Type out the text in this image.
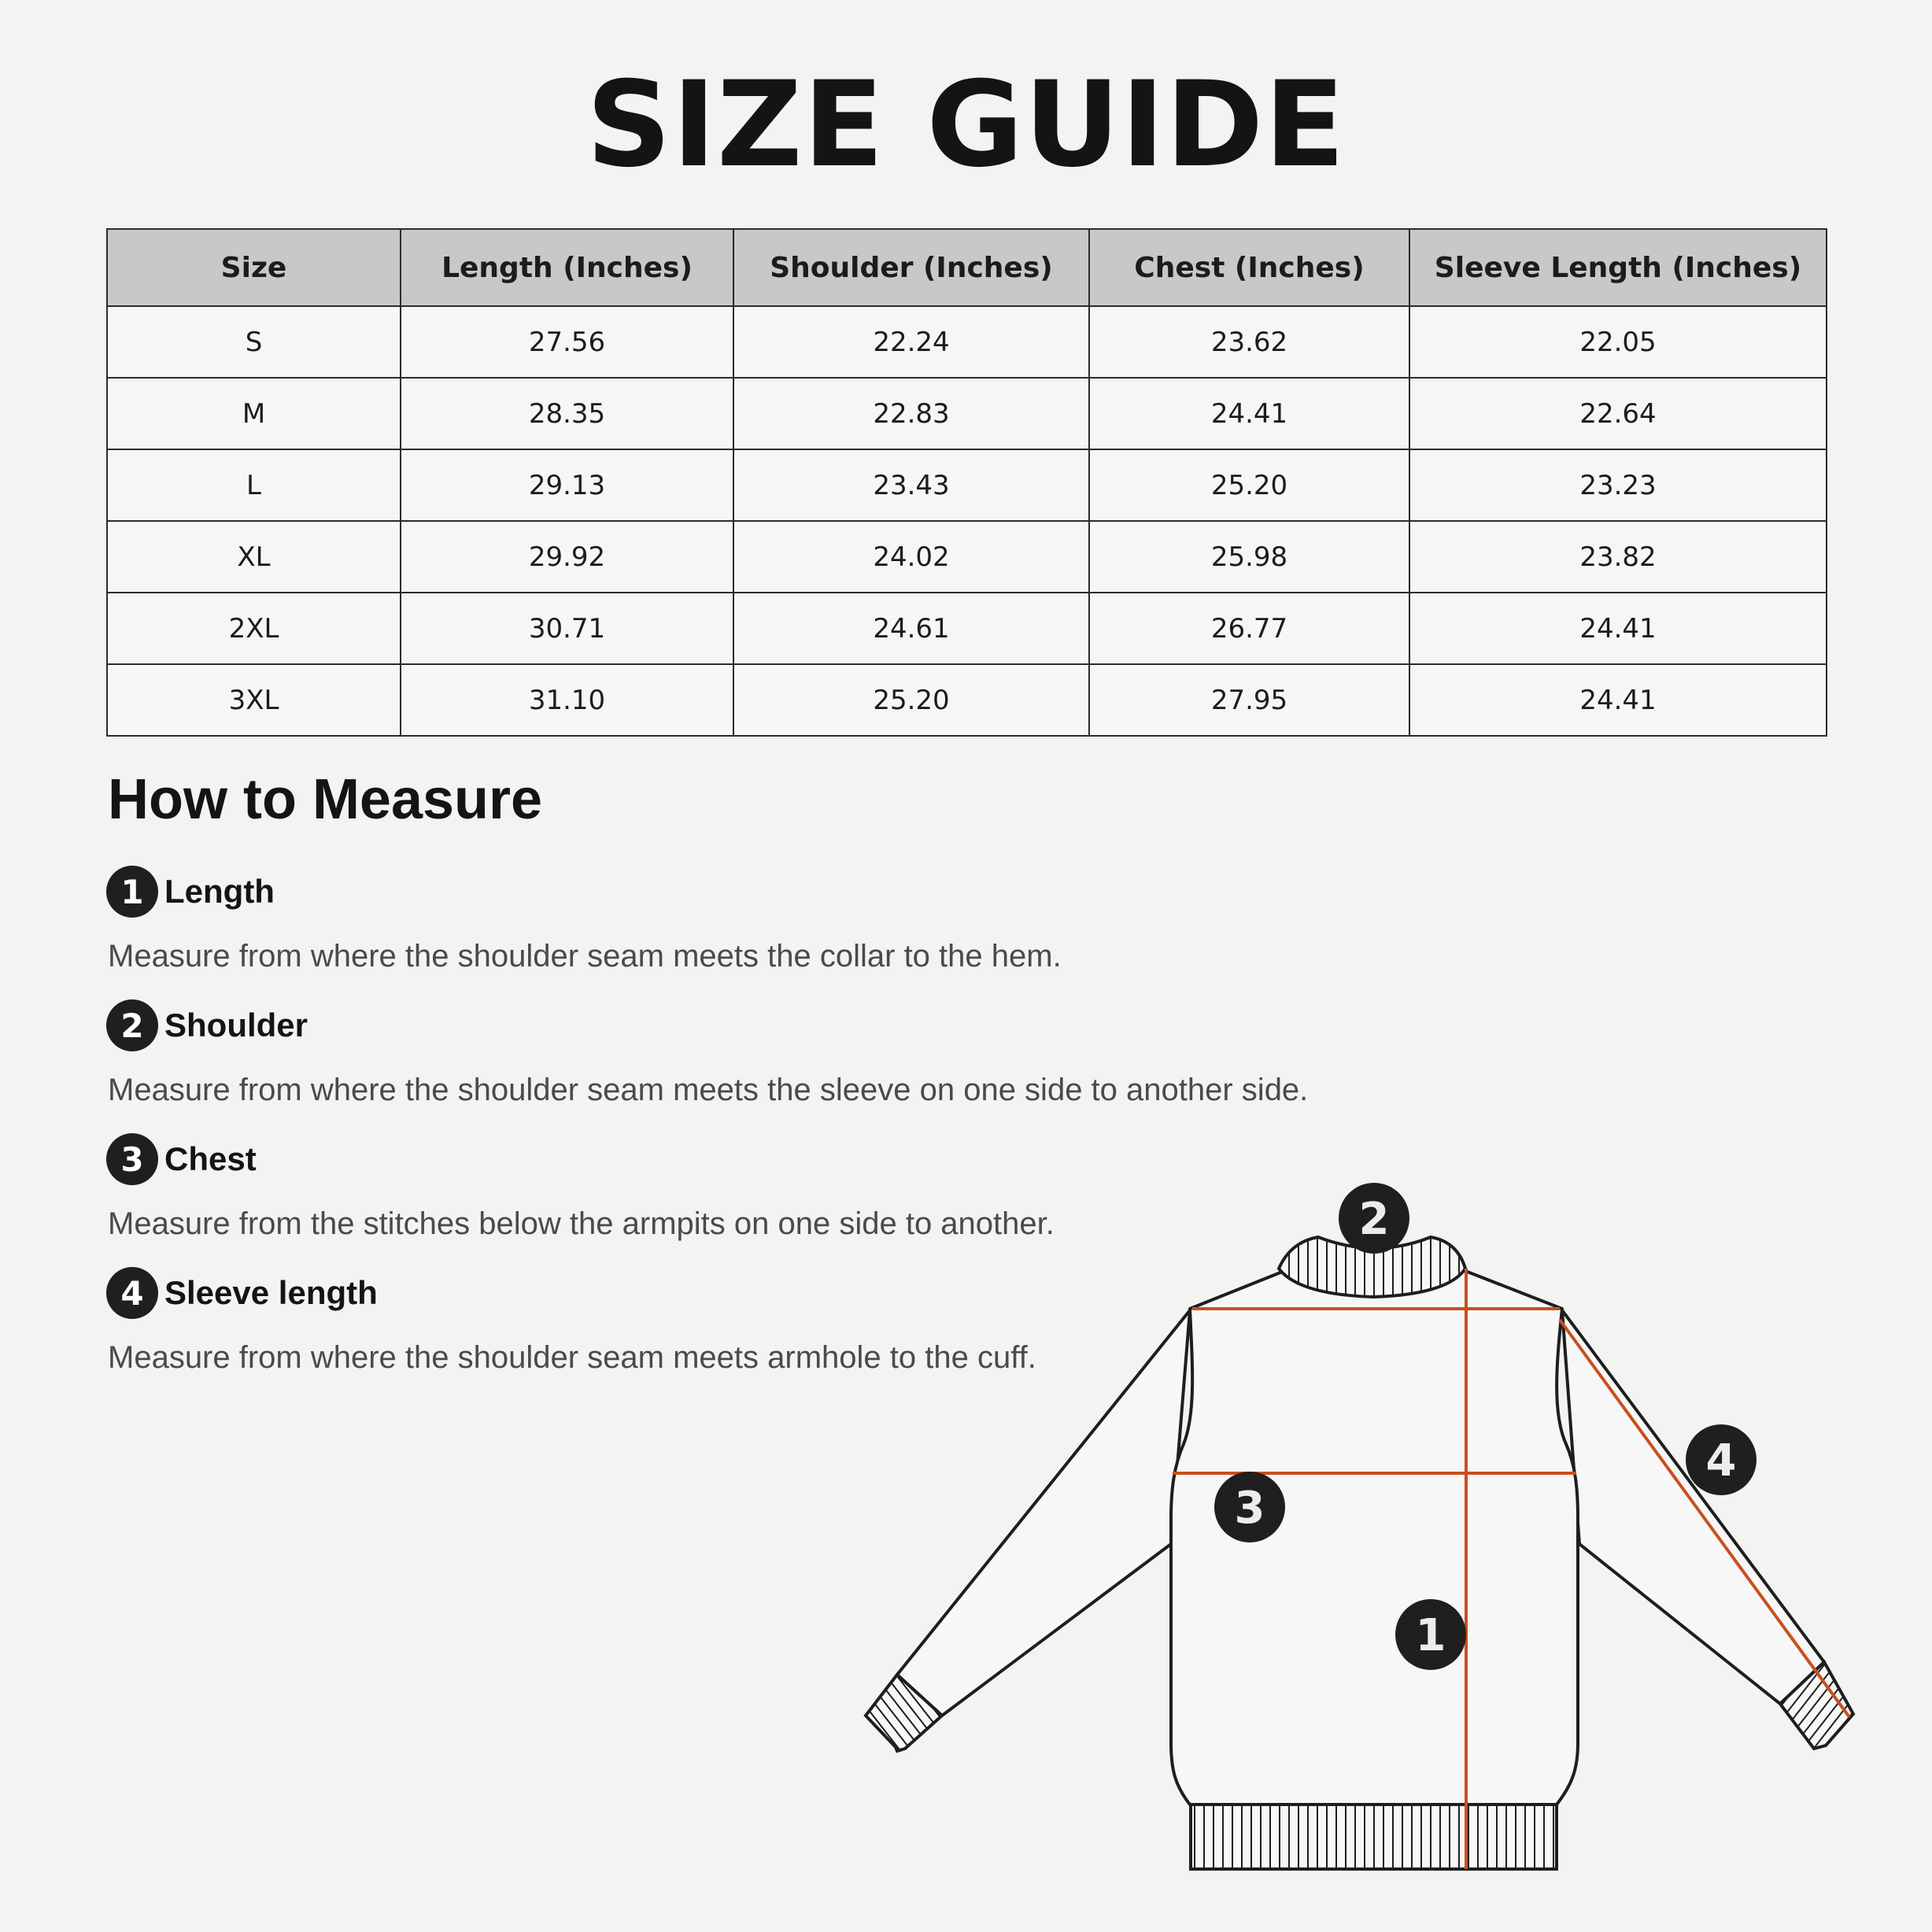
SIZE GUIDE
Size	Length (Inches)	Shoulder (Inches)	Chest (Inches)	Sleeve Length (Inches)
S	27.56	22.24	23.62	22.05
M	28.35	22.83	24.41	22.64
L	29.13	23.43	25.20	23.23
XL	29.92	24.02	25.98	23.82
2XL	30.71	24.61	26.77	24.41
3XL	31.10	25.20	27.95	24.41
How to Measure
1 Length
Measure from where the shoulder seam meets the collar to the hem.
2 Shoulder
Measure from where the shoulder seam meets the sleeve on one side to another side.
3 Chest
Measure from the stitches below the armpits on one side to another.
4 Sleeve length
Measure from where the shoulder seam meets armhole to the cuff.
1
2
3
4
